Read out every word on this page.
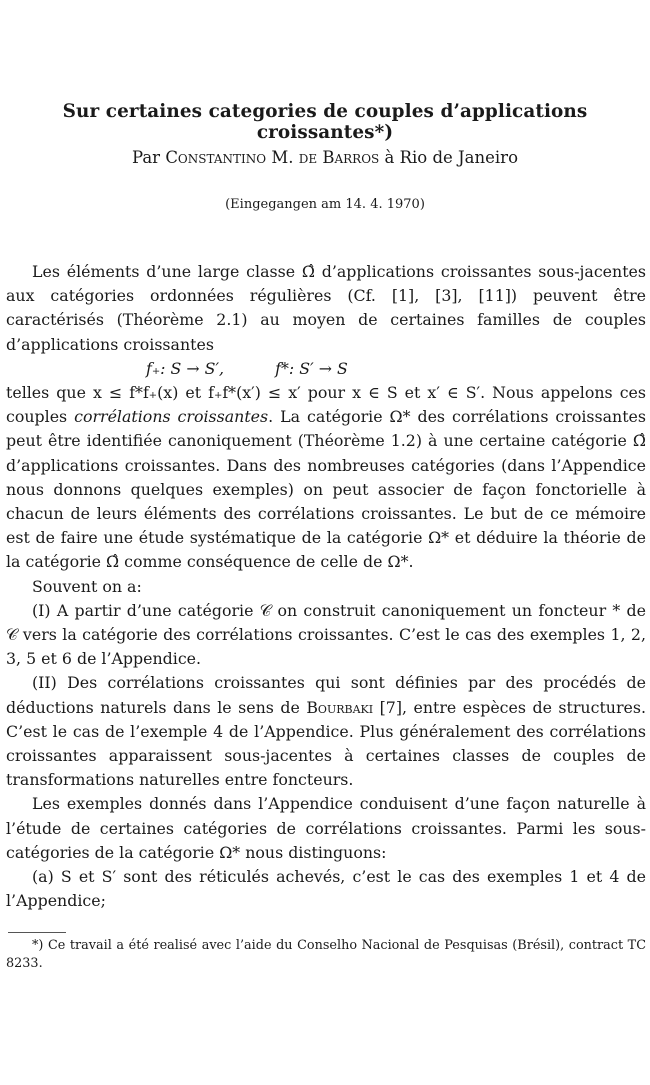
Sur certaines categories de couples d’applications croissantes*)
Par Constantino M. de Barros à Rio de Janeiro
(Eingegangen am 14. 4. 1970)

Les éléments d’une large classe Ω̂ d’applications croissantes sous-jacentes aux catégories ordonnées régulières (Cf. [1], [3], [11]) peuvent être caractérisés (Théorème 2.1) au moyen de certaines familles de couples d’applications croissantes

f₊: S → S′,	f*: S′ → S

telles que x ≤ f*f₊(x) et f₊f*(x′) ≤ x′ pour x ∈ S et x′ ∈ S′. Nous appelons ces couples corrélations croissantes. La catégorie Ω* des corrélations croissantes peut être identifiée canoniquement (Théorème 1.2) à une certaine catégorie Ω̂ d’applications croissantes. Dans des nombreuses catégories (dans l’Appendice nous donnons quelques exemples) on peut associer de façon fonctorielle à chacun de leurs éléments des corrélations croissantes. Le but de ce mémoire est de faire une étude systématique de la catégorie Ω* et déduire la théorie de la catégorie Ω̂ comme conséquence de celle de Ω*.

Souvent on a:

(I) A partir d’une catégorie 𝒞 on construit canoniquement un foncteur * de 𝒞 vers la catégorie des corrélations croissantes. C’est le cas des exemples 1, 2, 3, 5 et 6 de l’Appendice.

(II) Des corrélations croissantes qui sont définies par des procédés de déductions naturels dans le sens de Bourbaki [7], entre espèces de structures. C’est le cas de l’exemple 4 de l’Appendice. Plus généralement des corrélations croissantes apparaissent sous-jacentes à certaines classes de couples de transformations naturelles entre foncteurs.

Les exemples donnés dans l’Appendice conduisent d’une façon naturelle à l’étude de certaines catégories de corrélations croissantes. Parmi les sous-catégories de la catégorie Ω* nous distinguons:

(a) S et S′ sont des réticulés achevés, c’est le cas des exemples 1 et 4 de l’Appendice;

*) Ce travail a été realisé avec l’aide du Conselho Nacional de Pesquisas (Brésil), contract TC 8233.
